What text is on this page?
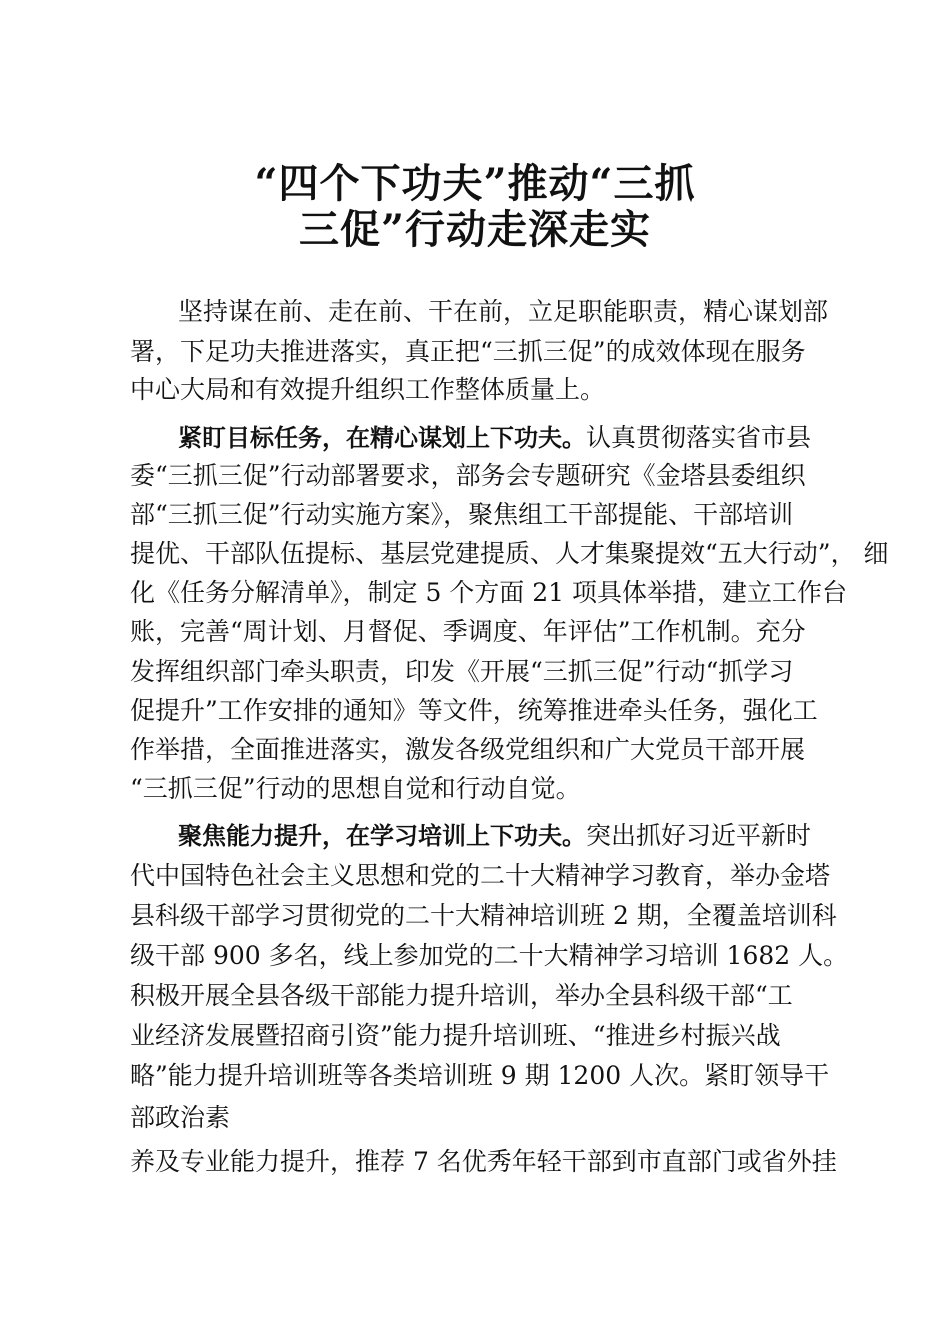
“四个下功夫”推动“三抓
三促”行动走深走实
坚持谋在前、走在前、干在前，立足职能职责，精心谋划部
署，下足功夫推进落实，真正把“三抓三促”的成效体现在服务
中心大局和有效提升组织工作整体质量上。
紧盯目标任务，在精心谋划上下功夫。认真贯彻落实省市县
委“三抓三促”行动部署要求，部务会专题研究《金塔县委组织
部“三抓三促”行动实施方案》，聚焦组工干部提能、干部培训
提优、干部队伍提标、基层党建提质、人才集聚提效“五大行动”， 细
化《任务分解清单》，制定 5 个方面 21 项具体举措，建立工作台
账，完善“周计划、月督促、季调度、年评估”工作机制。充分
发挥组织部门牵头职责，印发《开展“三抓三促”行动“抓学习
促提升”工作安排的通知》等文件，统筹推进牵头任务，强化工
作举措，全面推进落实，激发各级党组织和广大党员干部开展
“三抓三促”行动的思想自觉和行动自觉。
聚焦能力提升，在学习培训上下功夫。突出抓好习近平新时
代中国特色社会主义思想和党的二十大精神学习教育，举办金塔
县科级干部学习贯彻党的二十大精神培训班 2 期，全覆盖培训科
级干部 900 多名，线上参加党的二十大精神学习培训 1682 人。
积极开展全县各级干部能力提升培训，举办全县科级干部“工
业经济发展暨招商引资”能力提升培训班、“推进乡村振兴战
略”能力提升培训班等各类培训班 9 期 1200 人次。紧盯领导干
部政治素
养及专业能力提升，推荐 7 名优秀年轻干部到市直部门或省外挂
